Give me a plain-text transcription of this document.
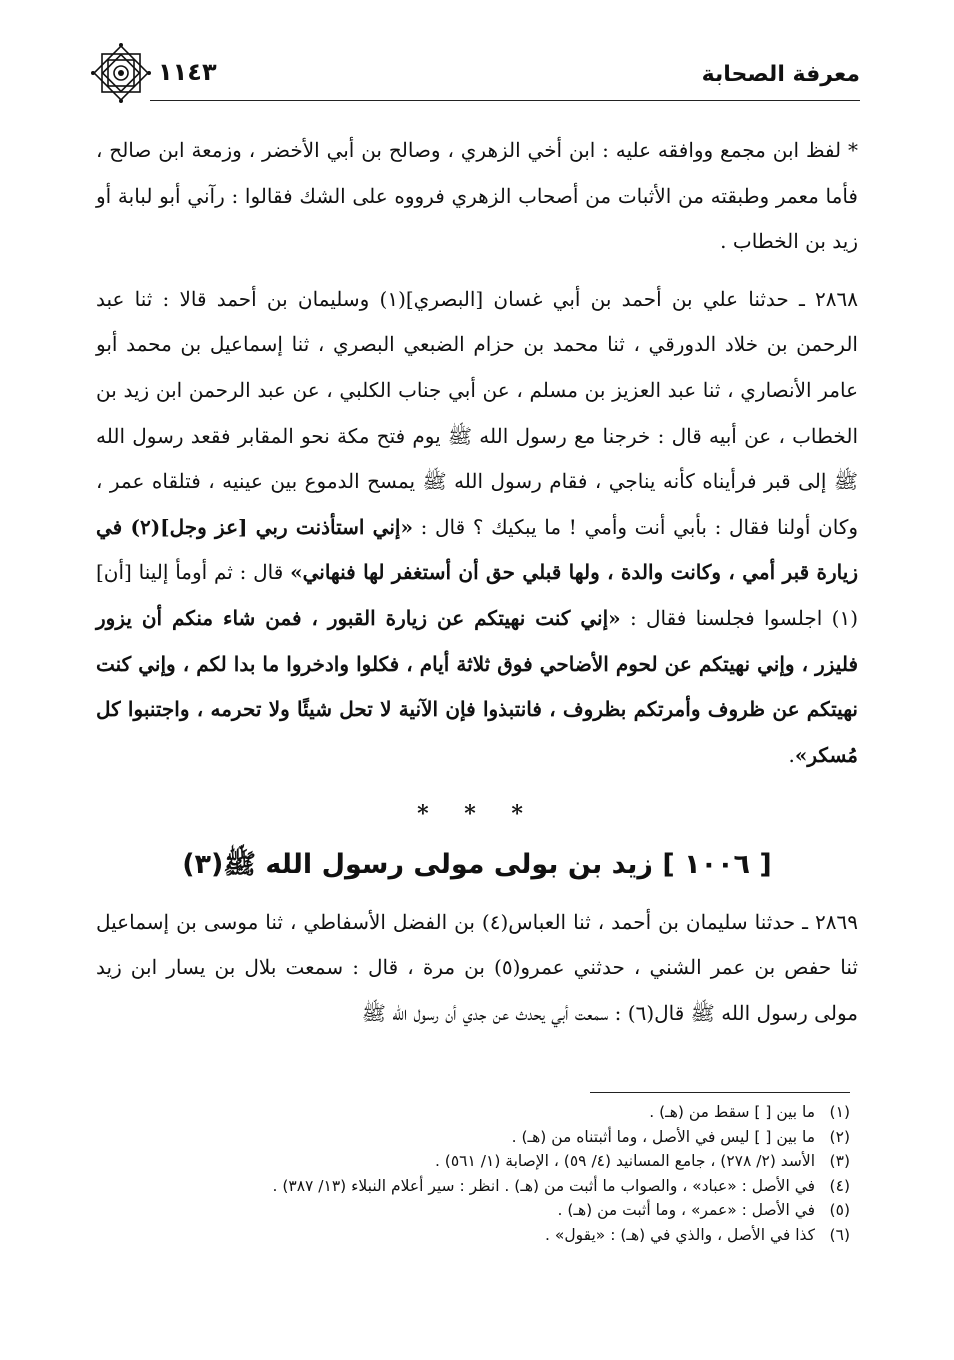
١١٤٣	معرفة الصحابة

* لفظ ابن مجمع ووافقه عليه : ابن أخي الزهري ، وصالح بن أبي الأخضر ، وزمعة ابن صالح ، فأما معمر وطبقته من الأثبات من أصحاب الزهري فرووه على الشك فقالوا : رآني أبو لبابة أو زيد بن الخطاب .

٢٨٦٨ ـ حدثنا علي بن أحمد بن أبي غسان [البصري](١) وسليمان بن أحمد قالا : ثنا عبد الرحمن بن خلاد الدورقي ، ثنا محمد بن حزام الضبعي البصري ، ثنا إسماعيل بن محمد أبو عامر الأنصاري ، ثنا عبد العزيز بن مسلم ، عن أبي جناب الكلبي ، عن عبد الرحمن ابن زيد بن الخطاب ، عن أبيه قال : خرجنا مع رسول الله ﷺ يوم فتح مكة نحو المقابر فقعد رسول الله ﷺ إلى قبر فرأيناه كأنه يناجي ، فقام رسول الله ﷺ يمسح الدموع بين عينيه ، فتلقاه عمر ، وكان أولنا فقال : بأبي أنت وأمي ! ما يبكيك ؟ قال : «إني استأذنت ربي [عز وجل](٢) في زيارة قبر أمي ، وكانت والدة ، ولها قبلي حق أن أستغفر لها فنهاني» قال : ثم أومأ إلينا [أن](١) اجلسوا فجلسنا فقال : «إني كنت نهيتكم عن زيارة القبور ، فمن شاء منكم أن يزور فليزر ، وإني نهيتكم عن لحوم الأضاحي فوق ثلاثة أيام ، فكلوا وادخروا ما بدا لكم ، وإني كنت نهيتكم عن ظروف وأمرتكم بظروف ، فانتبذوا فإن الآنية لا تحل شيئًا ولا تحرمه ، واجتنبوا كل مُسكر».

* * *
[ ١٠٠٦ ] زيد بن بولى مولى رسول الله ﷺ(٣)

٢٨٦٩ ـ حدثنا سليمان بن أحمد ، ثنا العباس(٤) بن الفضل الأسفاطي ، ثنا موسى بن إسماعيل ثنا حفص بن عمر الشني ، حدثني عمرو(٥) بن مرة ، قال : سمعت بلال بن يسار ابن زيد مولى رسول الله ﷺ قال(٦) : سمعت أبي يحدث عن جدي أن رسول الله ﷺ

(١) ما بين [ ] سقط من (هـ) .
(٢) ما بين [ ] ليس في الأصل ، وما أثبتناه من (هـ) .
(٣) الأسد (٢/ ٢٧٨) ، جامع المسانيد (٤/ ٥٩) ، الإصابة (١/ ٥٦١) .
(٤) في الأصل : «عباد» ، والصواب ما أثبت من (هـ) . انظر : سير أعلام النبلاء (١٣/ ٣٨٧) .
(٥) في الأصل : «عمر» ، وما أثبت من (هـ) .
(٦) كذا في الأصل ، والذي في (هـ) : «يقول» .
